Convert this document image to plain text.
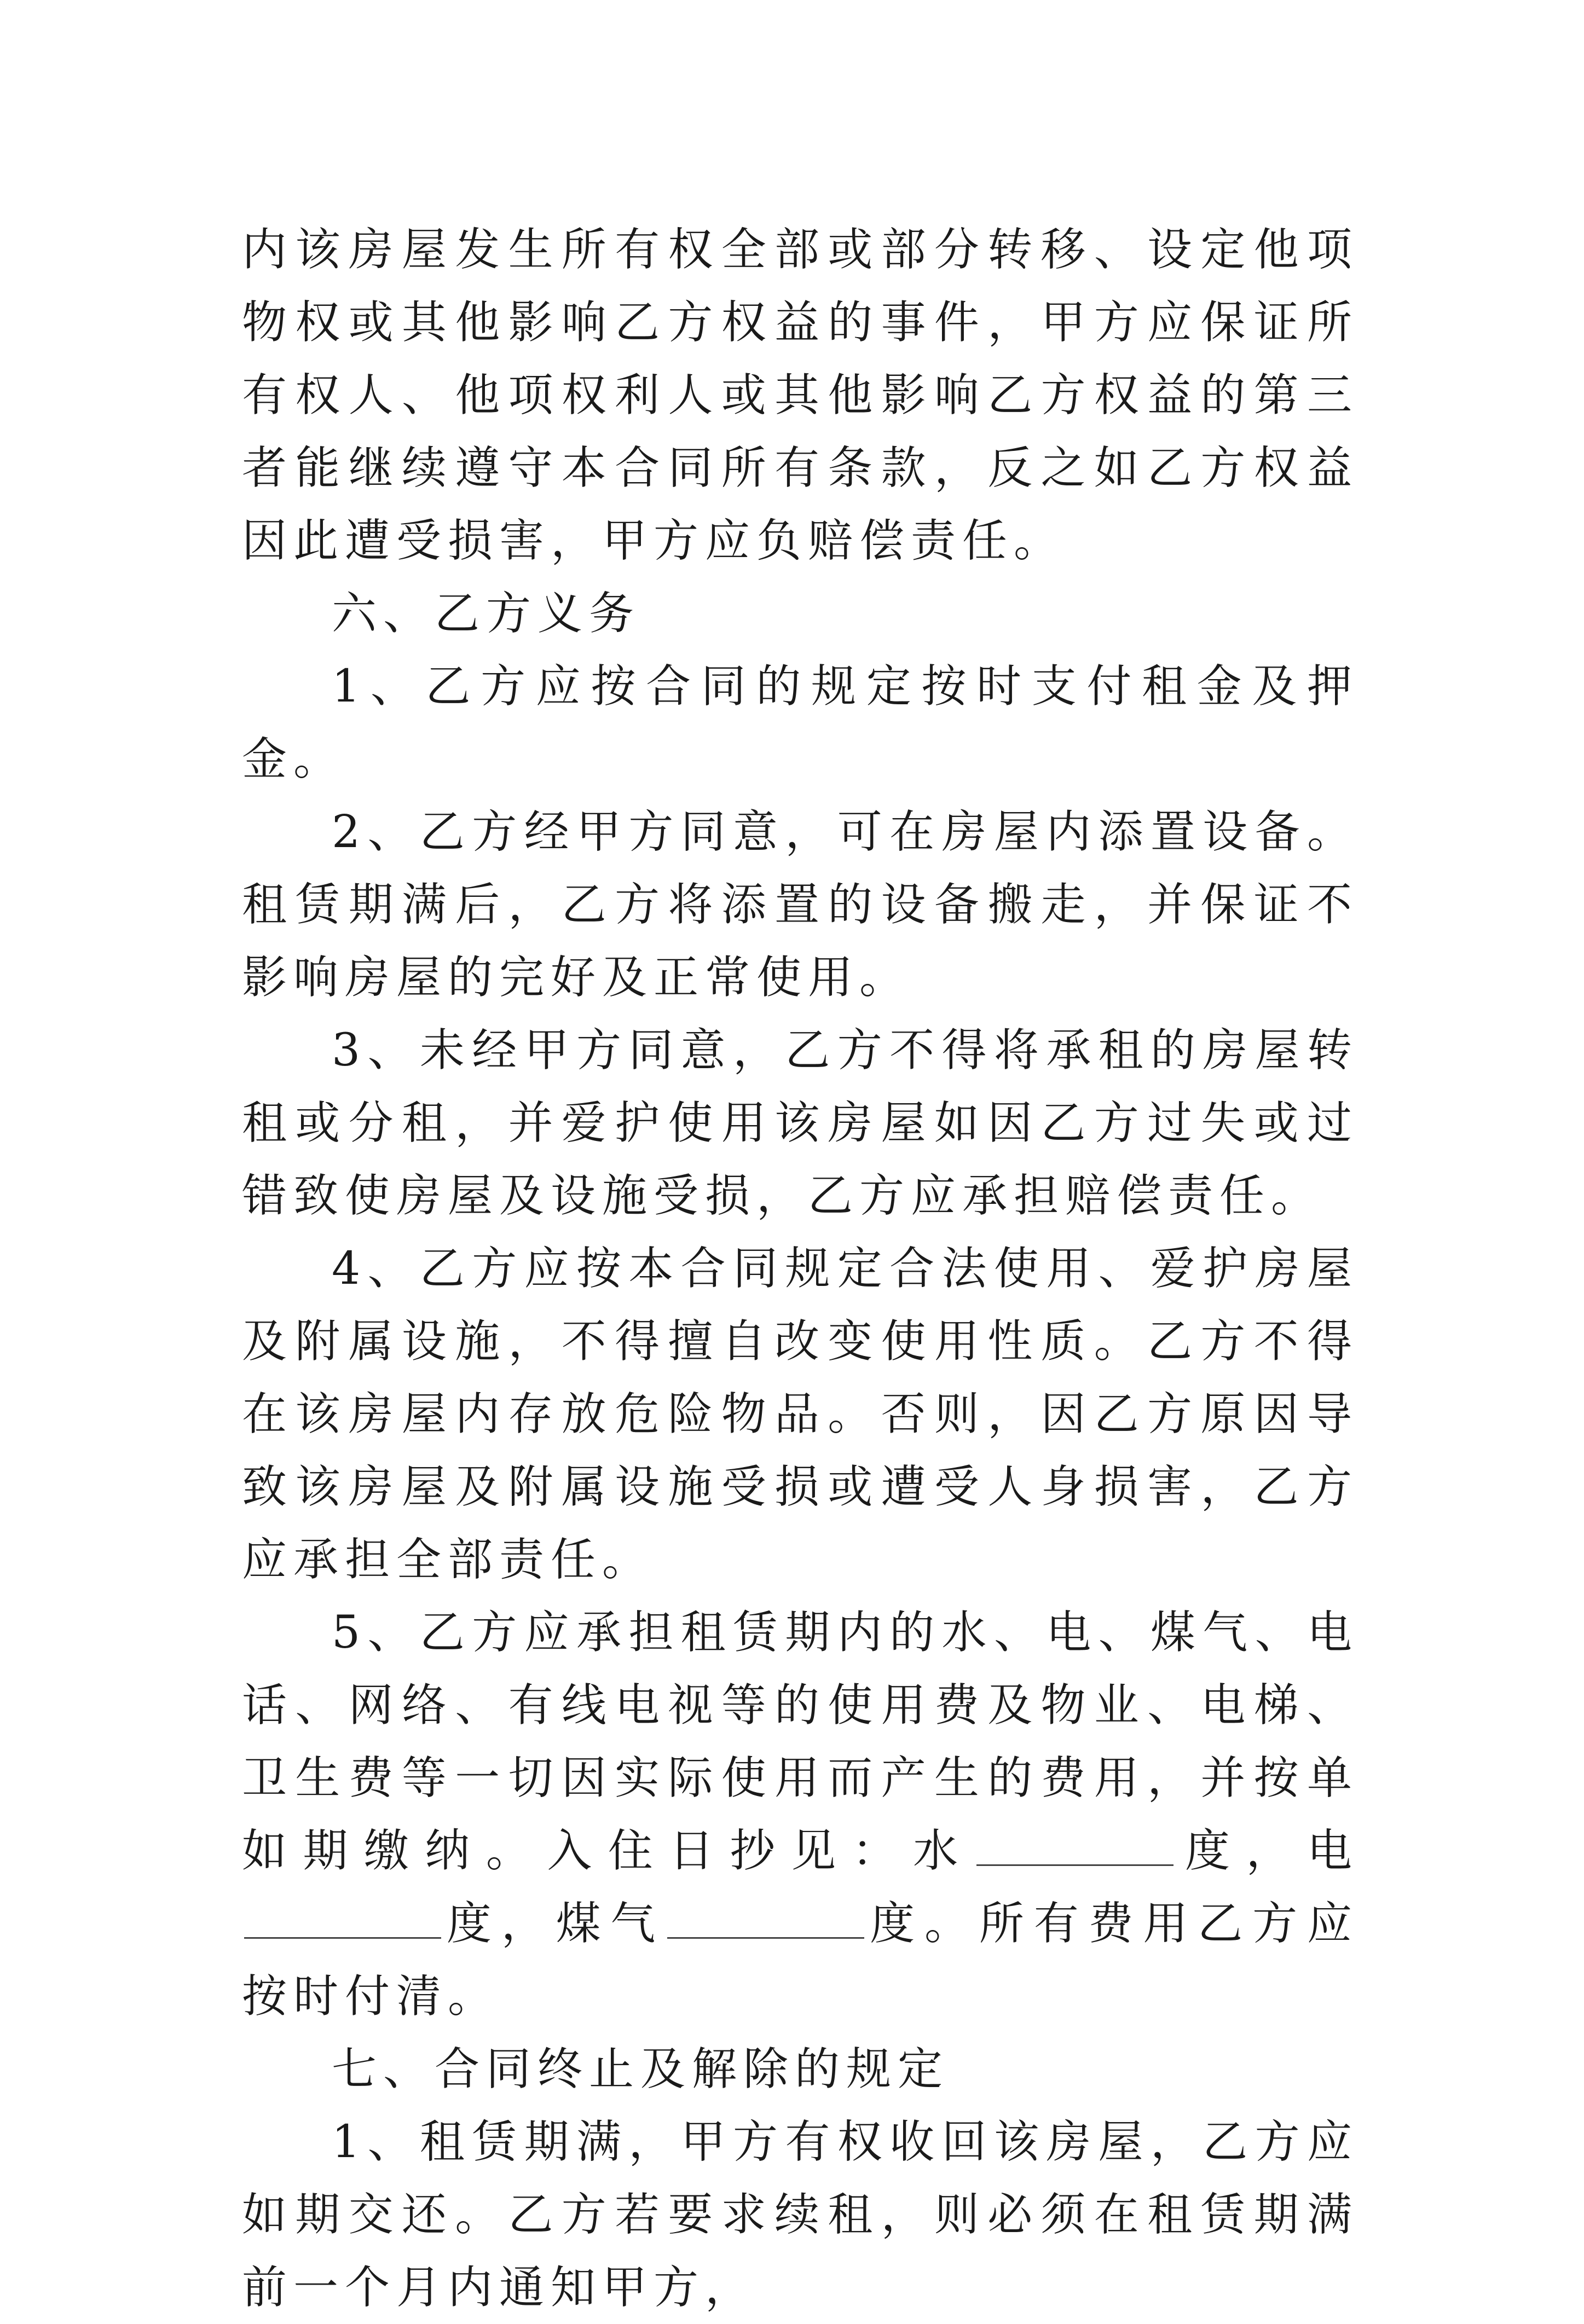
内该房屋发生所有权全部或部分转移、设定他项物权或其他影响乙方权益的事件，甲方应保证所有权人、他项权利人或其他影响乙方权益的第三者能继续遵守本合同所有条款，反之如乙方权益因此遭受损害，甲方应负赔偿责任。

六、乙方义务

1、乙方应按合同的规定按时支付租金及押金。

2、乙方经甲方同意，可在房屋内添置设备。租赁期满后，乙方将添置的设备搬走，并保证不影响房屋的完好及正常使用。

3、未经甲方同意，乙方不得将承租的房屋转租或分租，并爱护使用该房屋如因乙方过失或过错致使房屋及设施受损，乙方应承担赔偿责任。

4、乙方应按本合同规定合法使用、爱护房屋及附属设施，不得擅自改变使用性质。乙方不得在该房屋内存放危险物品。否则，因乙方原因导致该房屋及附属设施受损或遭受人身损害，乙方应承担全部责任。

5、乙方应承担租赁期内的水、电、煤气、电话、网络、有线电视等的使用费及物业、电梯、卫生费等一切因实际使用而产生的费用，并按单如期缴纳。入住日抄见：水	度，电度，煤气	度。所有费用乙方应按时付清。

七、合同终止及解除的规定

1、租赁期满，甲方有权收回该房屋，乙方应如期交还。乙方若要求续租，则必须在租赁期满前一个月内通知甲方，
